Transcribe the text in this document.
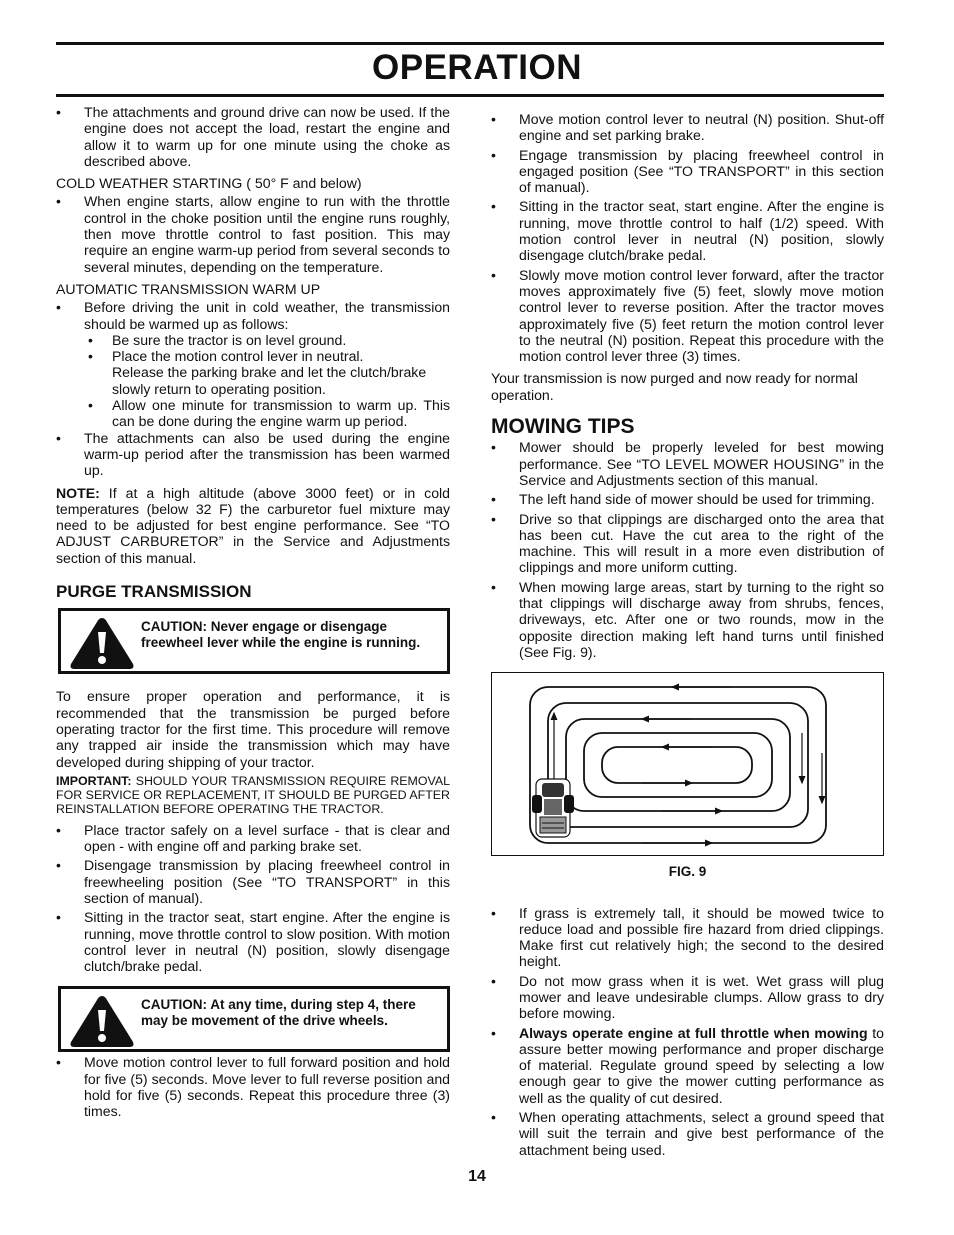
OPERATION
• The attachments and ground drive can now be used. If the engine does not accept the load, restart the engine and allow it to warm up for one minute using the choke as described above.
COLD WEATHER STARTING ( 50° F and below)
• When engine starts, allow engine to run with the throttle control in the choke position until the engine runs roughly, then move throttle control to fast position. This may require an engine warm-up period from several seconds to several minutes, depending on the temperature.
AUTOMATIC TRANSMISSION WARM UP
• Before driving the unit in cold weather, the transmission should be warmed up as follows:
• Be sure the tractor is on level ground.
• Place the motion control lever in neutral.
Release the parking brake and let the clutch/brake slowly return to operating position.
• Allow one minute for transmission to warm up. This can be done during the engine warm up period.
• The attachments can also be used during the engine warm-up period after the transmission has been warmed up.

NOTE: If at a high altitude (above 3000 feet) or in cold temperatures (below 32 F) the carburetor fuel mixture may need to be adjusted for best engine performance. See “TO ADJUST CARBURETOR” in the Service and Adjustments section of this manual.

PURGE TRANSMISSION
CAUTION: Never engage or disengage freewheel lever while the engine is running.

To ensure proper operation and performance, it is recommended that the transmission be purged before operating tractor for the first time. This procedure will remove any trapped air inside the transmission which may have developed during shipping of your tractor.

IMPORTANT: SHOULD YOUR TRANSMISSION REQUIRE REMOVAL FOR SERVICE OR REPLACEMENT, IT SHOULD BE PURGED AFTER REINSTALLATION BEFORE OPERATING THE TRACTOR.
• Place tractor safely on a level surface - that is clear and open - with engine off and parking brake set.
• Disengage transmission by placing freewheel control in freewheeling position (See “TO TRANSPORT” in this section of manual).
• Sitting in the tractor seat, start engine. After the engine is running, move throttle control to slow position. With motion control lever in neutral (N) position, slowly disengage clutch/brake pedal.
CAUTION: At any time, during step 4, there may be movement of the drive wheels.
• Move motion control lever to full forward position and hold for five (5) seconds. Move lever to full reverse position and hold for five (5) seconds. Repeat this procedure three (3) times.
• Move motion control lever to neutral (N) position. Shut-off engine and set parking brake.
• Engage transmission by placing freewheel control in engaged position (See “TO TRANSPORT” in this section of manual).
• Sitting in the tractor seat, start engine. After the engine is running, move throttle control to half (1/2) speed. With motion control lever in neutral (N) position, slowly disengage clutch/brake pedal.
• Slowly move motion control lever forward, after the tractor moves approximately five (5) feet, slowly move motion control lever to reverse position. After the tractor moves approximately five (5) feet return the motion control lever to the neutral (N) position. Repeat this procedure with the motion control lever three (3) times.

Your transmission is now purged and now ready for normal operation.

MOWING TIPS
• Mower should be properly leveled for best mowing performance. See “TO LEVEL MOWER HOUSING” in the Service and Adjustments section of this manual.
• The left hand side of mower should be used for trimming.
• Drive so that clippings are discharged onto the area that has been cut. Have the cut area to the right of the machine. This will result in a more even distribution of clippings and more uniform cutting.
• When mowing large areas, start by turning to the right so that clippings will discharge away from shrubs, fences, driveways, etc. After one or two rounds, mow in the opposite direction making left hand turns until finished (See Fig. 9).
FIG. 9
• If grass is extremely tall, it should be mowed twice to reduce load and possible fire hazard from dried clippings. Make first cut relatively high; the second to the desired height.
• Do not mow grass when it is wet. Wet grass will plug mower and leave undesirable clumps. Allow grass to dry before mowing.
• Always operate engine at full throttle when mowing to assure better mowing performance and proper discharge of material. Regulate ground speed by selecting a low enough gear to give the mower cutting performance as well as the quality of cut desired.
• When operating attachments, select a ground speed that will suit the terrain and give best performance of the attachment being used.
14
